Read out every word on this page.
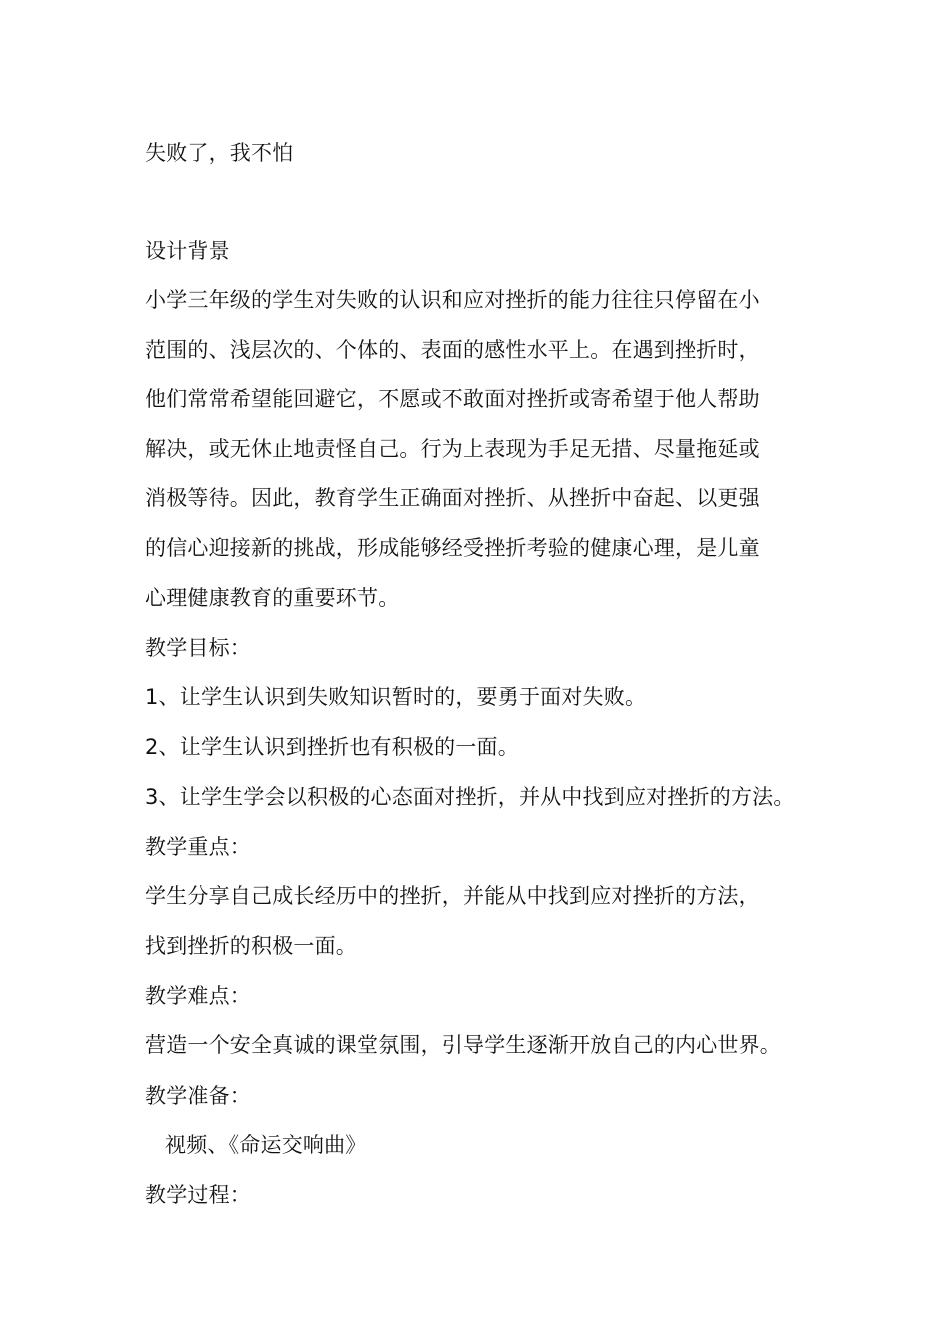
失败了，我不怕
设计背景
小学三年级的学生对失败的认识和应对挫折的能力往往只停留在小
范围的、浅层次的、个体的、表面的感性水平上。在遇到挫折时，
他们常常希望能回避它，不愿或不敢面对挫折或寄希望于他人帮助
解决，或无休止地责怪自己。行为上表现为手足无措、尽量拖延或
消极等待。因此，教育学生正确面对挫折、从挫折中奋起、以更强
的信心迎接新的挑战，形成能够经受挫折考验的健康心理，是儿童
心理健康教育的重要环节。
教学目标：
1、让学生认识到失败知识暂时的，要勇于面对失败。
2、让学生认识到挫折也有积极的一面。
3、让学生学会以积极的心态面对挫折，并从中找到应对挫折的方法。
教学重点：
学生分享自己成长经历中的挫折，并能从中找到应对挫折的方法，
找到挫折的积极一面。
教学难点：
营造一个安全真诚的课堂氛围，引导学生逐渐开放自己的内心世界。
教学准备：
视频、《命运交响曲》
教学过程：
